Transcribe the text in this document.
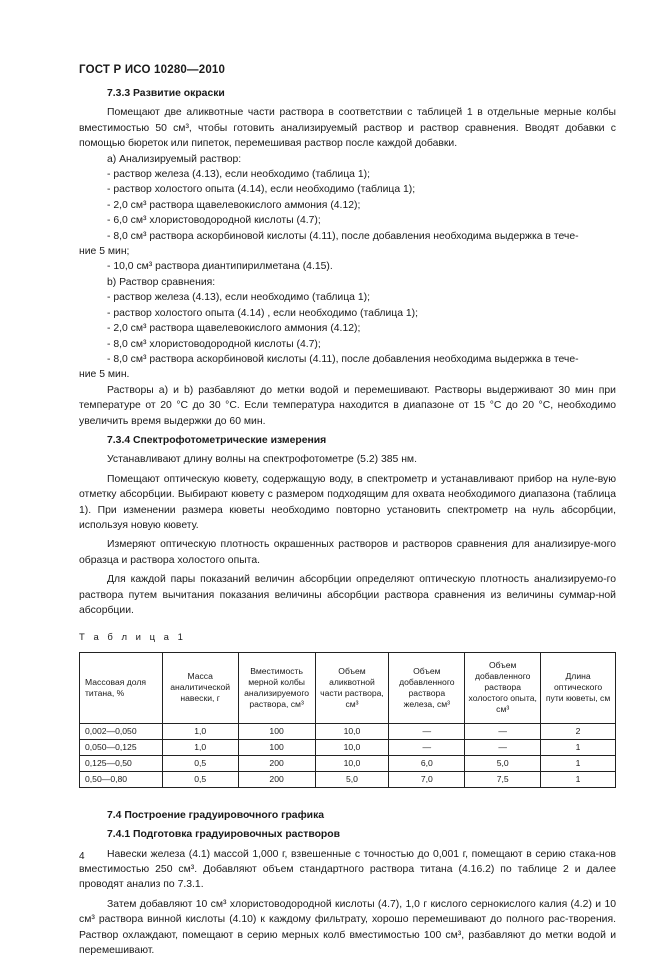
ГОСТ Р ИСО 10280—2010
7.3.3 Развитие окраски

Помещают две аликвотные части раствора в соответствии с таблицей 1 в отдельные мерные колбы вместимостью 50 см³, чтобы готовить анализируемый раствор и раствор сравнения. Вводят добавки с помощью бюреток или пипеток, перемешивая раствор после каждой добавки.

а) Анализируемый раствор:

- раствор железа (4.13), если необходимо (таблица 1);

- раствор холостого опыта (4.14), если необходимо (таблица 1);

- 2,0 см³ раствора щавелевокислого аммония (4.12);

- 6,0 см³ хлористоводородной кислоты (4.7);

- 8,0 см³ раствора аскорбиновой кислоты (4.11), после добавления необходима выдержка в тече-

ние 5 мин;

- 10,0 см³ раствора диантипирилметана (4.15).

b) Раствор сравнения:

- раствор железа (4.13), если необходимо (таблица 1);

- раствор холостого опыта (4.14) , если необходимо (таблица 1);

- 2,0 см³ раствора щавелевокислого аммония (4.12);

- 8,0 см³ хлористоводородной кислоты (4.7);

- 8,0 см³ раствора аскорбиновой кислоты (4.11), после добавления необходима выдержка в тече-

ние 5 мин.

Растворы а) и b) разбавляют до метки водой и перемешивают. Растворы выдерживают 30 мин при температуре от 20 °С до 30 °С. Если температура находится в диапазоне от 15 °С до 20 °С, необходимо увеличить время выдержки до 60 мин.

7.3.4 Спектрофотометрические измерения

Устанавливают длину волны на спектрофотометре (5.2) 385 нм.

Помещают оптическую кювету, содержащую воду, в спектрометр и устанавливают прибор на нуле-вую отметку абсорбции. Выбирают кювету с размером подходящим для охвата необходимого диапазона (таблица 1). При изменении размера кюветы необходимо повторно установить спектрометр на нуль абсорбции, используя новую кювету.

Измеряют оптическую плотность окрашенных растворов и растворов сравнения для анализируе-мого образца и раствора холостого опыта.

Для каждой пары показаний величин абсорбции определяют оптическую плотность анализируемо-го раствора путем вычитания показания величины абсорбции раствора сравнения из величины суммар-ной абсорбции.

Т а б л и ц а 1
Массовая доля титана, %	Масса аналитической навески, г	Вместимость мерной колбы анализируемого раствора, см³	Объем аликвотной части раствора, см³	Объем добавленного раствора железа, см³	Объем добавленного раствора холостого опыта, см³	Длина оптического пути кюветы, см
0,002—0,050	1,0	100	10,0	—	—	2
0,050—0,125	1,0	100	10,0	—	—	1
0,125—0,50	0,5	200	10,0	6,0	5,0	1
0,50—0,80	0,5	200	5,0	7,0	7,5	1
7.4 Построение градуировочного графика
7.4.1 Подготовка градуировочных растворов

Навески железа (4.1) массой 1,000 г, взвешенные с точностью до 0,001 г, помещают в серию стака-нов вместимостью 250 см³. Добавляют объем стандартного раствора титана (4.16.2) по таблице 2 и далее проводят анализ по 7.3.1.

Затем добавляют 10 см³ хлористоводородной кислоты (4.7), 1,0 г кислого сернокислого калия (4.2) и 10 см³ раствора винной кислоты (4.10) к каждому фильтрату, хорошо перемешивают до полного рас-творения. Раствор охлаждают, помещают в серию мерных колб вместимостью 100 см³, разбавляют до метки водой и перемешивают.

4
